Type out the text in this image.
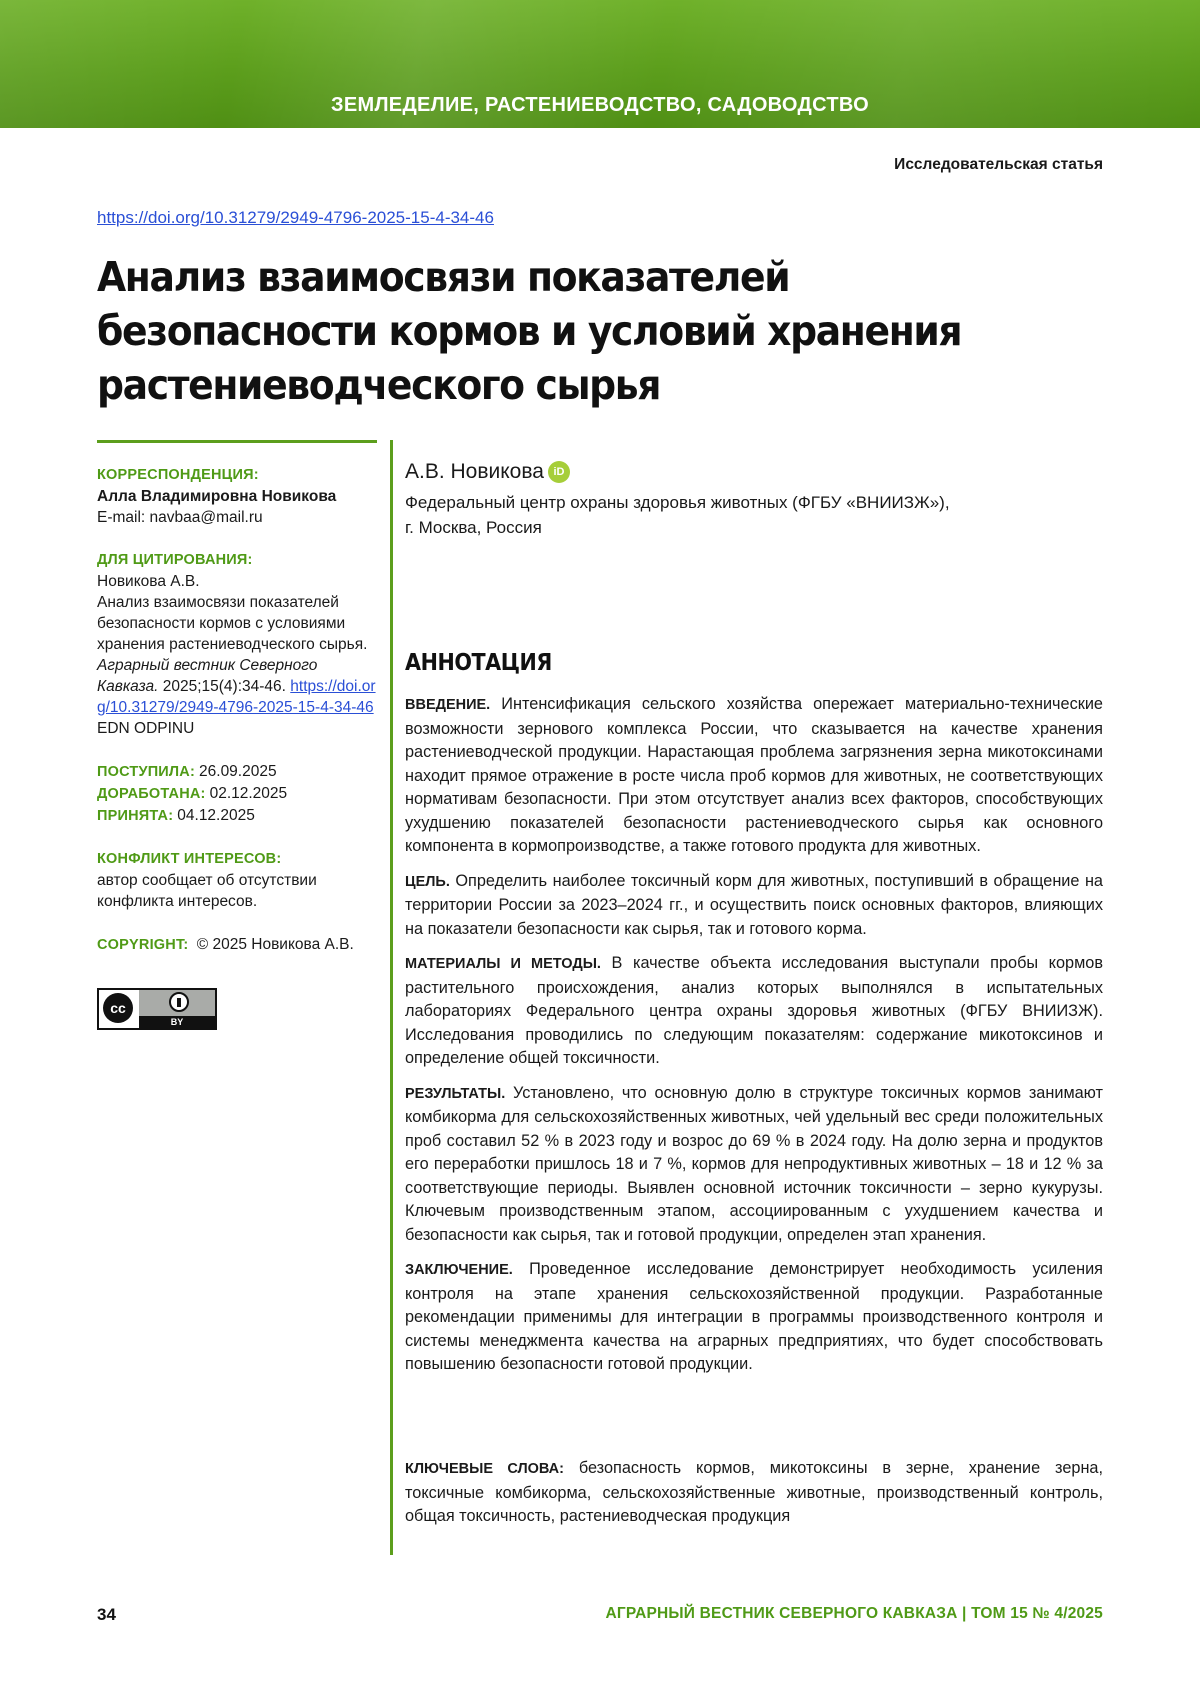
ЗЕМЛЕДЕЛИЕ, РАСТЕНИЕВОДСТВО, САДОВОДСТВО
Исследовательская статья
https://doi.org/10.31279/2949-4796-2025-15-4-34-46
Анализ взаимосвязи показателей безопасности кормов и условий хранения растениеводческого сырья
КОРРЕСПОНДЕНЦИЯ:
Алла Владимировна Новикова
E-mail: navbaa@mail.ru
ДЛЯ ЦИТИРОВАНИЯ:
Новикова А.В.
Анализ взаимосвязи показателей безопасности кормов с условиями хранения растениеводческого сырья. Аграрный вестник Северного Кавказа. 2025;15(4):34-46. https://doi.org/10.31279/2949-4796-2025-15-4-34-46 EDN ODPINU
ПОСТУПИЛА: 26.09.2025
ДОРАБОТАНА: 02.12.2025
ПРИНЯТА: 04.12.2025
КОНФЛИКТ ИНТЕРЕСОВ:
автор сообщает об отсутствии конфликта интересов.
COPYRIGHT: © 2025 Новикова А.В.
cc
BY
А.В. Новикова iD
Федеральный центр охраны здоровья животных (ФГБУ «ВНИИЗЖ»),
г. Москва, Россия
АННОТАЦИЯ

ВВЕДЕНИЕ. Интенсификация сельского хозяйства опережает материально-технические возможности зернового комплекса России, что сказывается на качестве хранения растениеводческой продукции. Нарастающая проблема загрязнения зерна микотоксинами находит прямое отражение в росте числа проб кормов для животных, не соответствующих нормативам безопасности. При этом отсутствует анализ всех факторов, способствующих ухудшению показателей безопасности растениеводческого сырья как основного компонента в кормопроизводстве, а также готового продукта для животных.

ЦЕЛЬ. Определить наиболее токсичный корм для животных, поступивший в обращение на территории России за 2023–2024 гг., и осуществить поиск основных факторов, влияющих на показатели безопасности как сырья, так и готового корма.

МАТЕРИАЛЫ И МЕТОДЫ. В качестве объекта исследования выступали пробы кормов растительного происхождения, анализ которых выполнялся в испытательных лабораториях Федерального центра охраны здоровья животных (ФГБУ ВНИИЗЖ). Исследования проводились по следующим показателям: содержание микотоксинов и определение общей токсичности.

РЕЗУЛЬТАТЫ. Установлено, что основную долю в структуре токсичных кормов занимают комбикорма для сельскохозяйственных животных, чей удельный вес среди положительных проб составил 52 % в 2023 году и возрос до 69 % в 2024 году. На долю зерна и продуктов его переработки пришлось 18 и 7 %, кормов для непродуктивных животных – 18 и 12 % за соответствующие периоды. Выявлен основной источник токсичности – зерно кукурузы. Ключевым производственным этапом, ассоциированным с ухудшением качества и безопасности как сырья, так и готовой продукции, определен этап хранения.

ЗАКЛЮЧЕНИЕ. Проведенное исследование демонстрирует необходимость усиления контроля на этапе хранения сельскохозяйственной продукции. Разработанные рекомендации применимы для интеграции в программы производственного контроля и системы менеджмента качества на аграрных предприятиях, что будет способствовать повышению безопасности готовой продукции.

КЛЮЧЕВЫЕ СЛОВА: безопасность кормов, микотоксины в зерне, хранение зерна, токсичные комбикорма, сельскохозяйственные животные, производственный контроль, общая токсичность, растениеводческая продукция
34	АГРАРНЫЙ ВЕСТНИК СЕВЕРНОГО КАВКАЗА | ТОМ 15 № 4/2025
